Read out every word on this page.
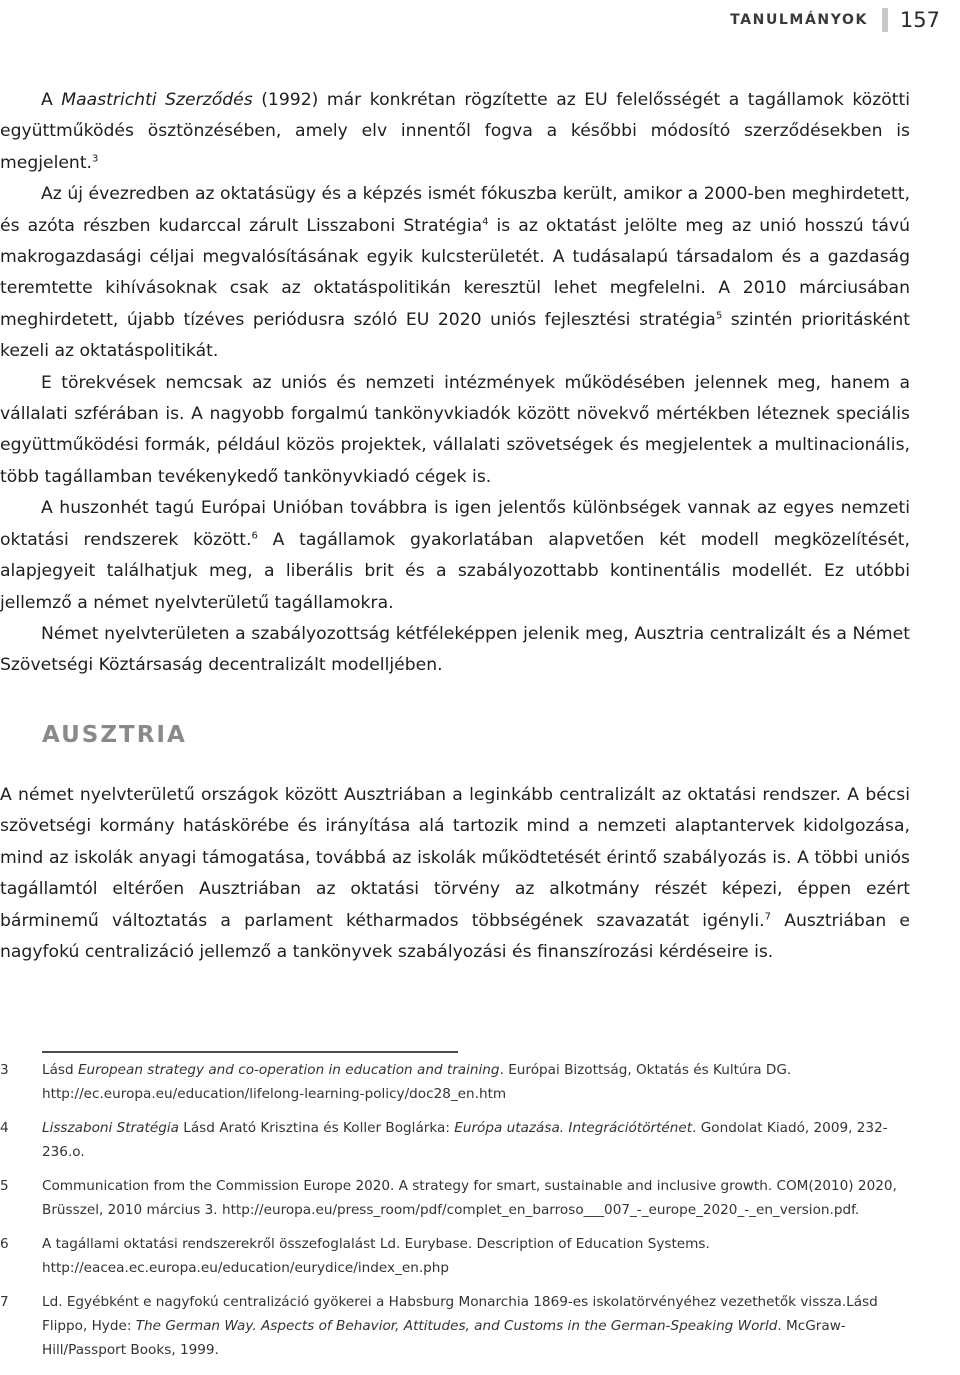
TANULMÁNYOK 157

A Maastrichti Szerződés (1992) már konkrétan rögzítette az EU felelősségét a tagállamok közötti együttműködés ösztönzésében, amely elv innentől fogva a későbbi módosító szerződésekben is megjelent.$^3$

Az új évezredben az oktatásügy és a képzés ismét fókuszba került, amikor a 2000-ben meghirdetett, és azóta részben kudarccal zárult Lisszaboni Stratégia$^4$ is az oktatást jelölte meg az unió hosszú távú makrogazdasági céljai megvalósításának egyik kulcsterületét. A tudásalapú társadalom és a gazdaság teremtette kihívásoknak csak az oktatáspolitikán keresztül lehet megfelelni. A 2010 márciusában meghirdetett, újabb tízéves periódusra szóló EU 2020 uniós fejlesztési stratégia$^5$ szintén prioritásként kezeli az oktatáspolitikát.

E törekvések nemcsak az uniós és nemzeti intézmények működésében jelennek meg, hanem a vállalati szférában is. A nagyobb forgalmú tankönyvkiadók között növekvő mértékben léteznek speciális együttműködési formák, például közös projektek, vállalati szövetségek és megjelentek a multinacionális, több tagállamban tevékenykedő tankönyvkiadó cégek is.

A huszonhét tagú Európai Unióban továbbra is igen jelentős különbségek vannak az egyes nemzeti oktatási rendszerek között.$^6$ A tagállamok gyakorlatában alapvetően két modell megközelítését, alapjegyeit találhatjuk meg, a liberális brit és a szabályozottabb kontinentális modellét. Ez utóbbi jellemző a német nyelvterületű tagállamokra.

Német nyelvterületen a szabályozottság kétféleképpen jelenik meg, Ausztria centralizált és a Német Szövetségi Köztársaság decentralizált modelljében.

AUSZTRIA

A német nyelvterületű országok között Ausztriában a leginkább centralizált az oktatási rendszer. A bécsi szövetségi kormány hatáskörébe és irányítása alá tartozik mind a nemzeti alaptantervek kidolgozása, mind az iskolák anyagi támogatása, továbbá az iskolák működtetését érintő szabályozás is. A többi uniós tagállamtól eltérően Ausztriában az oktatási törvény az alkotmány részét képezi, éppen ezért bárminemű változtatás a parlament kétharmados többségének szavazatát igényli.$^7$ Ausztriában e nagyfokú centralizáció jellemző a tankönyvek szabályozási és finanszírozási kérdéseire is.

3	Lásd European strategy and co-operation in education and training. Európai Bizottság, Oktatás és Kultúra DG. http://ec.europa.eu/education/lifelong-learning-policy/doc28_en.htm
4	Lisszaboni Stratégia Lásd Arató Krisztina és Koller Boglárka: Európa utazása. Integrációtörténet. Gondolat Kiadó, 2009, 232-236.o.
5	Communication from the Commission Europe 2020. A strategy for smart, sustainable and inclusive growth. COM(2010) 2020, Brüsszel, 2010 március 3. http://europa.eu/press_room/pdf/complet_en_barroso___007_-_europe_2020_-_en_version.pdf.
6	A tagállami oktatási rendszerekről összefoglalást Ld. Eurybase. Description of Education Systems. http://eacea.ec.europa.eu/education/eurydice/index_en.php
7	Ld. Egyébként e nagyfokú centralizáció gyökerei a Habsburg Monarchia 1869-es iskolatörvényéhez vezethetők vissza.Lásd Flippo, Hyde: The German Way. Aspects of Behavior, Attitudes, and Customs in the German-Speaking World. McGraw-Hill/Passport Books, 1999.
